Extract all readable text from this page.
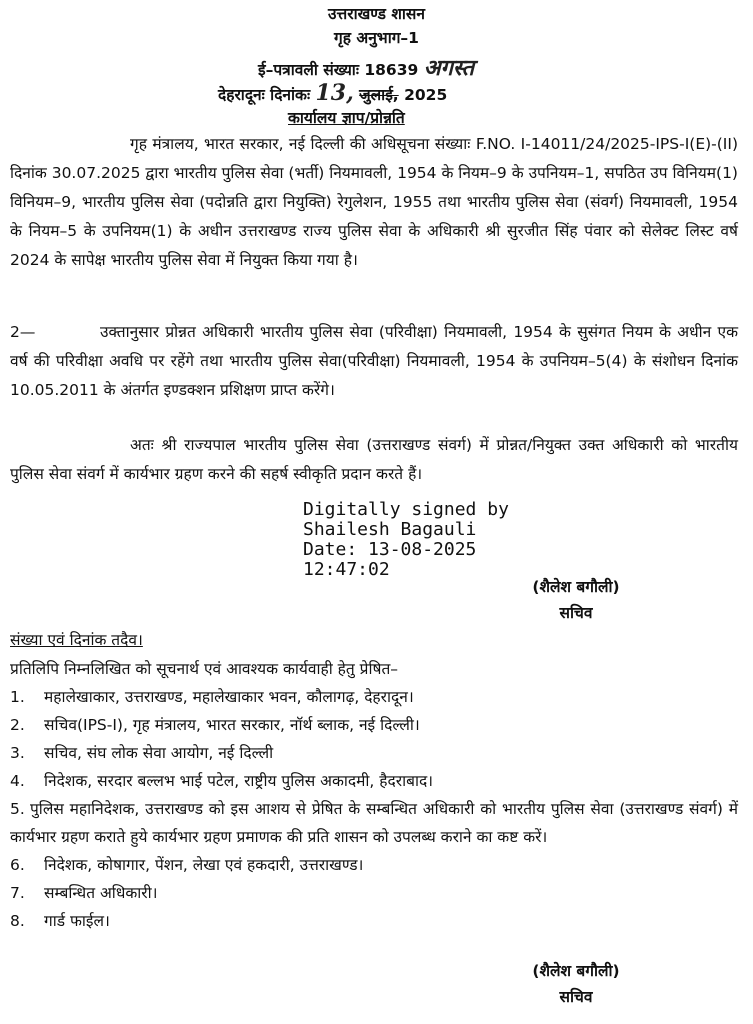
उत्तराखण्ड शासन
गृह अनुभाग–1
ई–पत्रावली संख्याः 18639 अगस्त
देहरादूनः दिनांकः 13, जुलाई, 2025
कार्यालय ज्ञाप/प्रोन्नति
गृह मंत्रालय, भारत सरकार, नई दिल्ली की अधिसूचना संख्याः F.NO. I-14011/24/2025-IPS-I(E)-(II) दिनांक 30.07.2025 द्वारा भारतीय पुलिस सेवा (भर्ती) नियमावली, 1954 के नियम–9 के उपनियम–1, सपठित उप विनियम(1) विनियम–9, भारतीय पुलिस सेवा (पदोन्नति द्वारा नियुक्ति) रेगुलेशन, 1955 तथा भारतीय पुलिस सेवा (संवर्ग) नियमावली, 1954 के नियम–5 के उपनियम(1) के अधीन उत्तराखण्ड राज्य पुलिस सेवा के अधिकारी श्री सुरजीत सिंह पंवार को सेलेक्ट लिस्ट वर्ष 2024 के सापेक्ष भारतीय पुलिस सेवा में नियुक्त किया गया है।
2—	उक्तानुसार प्रोन्नत अधिकारी भारतीय पुलिस सेवा (परिवीक्षा) नियमावली, 1954 के सुसंगत नियम के अधीन एक वर्ष की परिवीक्षा अवधि पर रहेंगे तथा भारतीय पुलिस सेवा(परिवीक्षा) नियमावली, 1954 के उपनियम–5(4) के संशोधन दिनांक 10.05.2011 के अंतर्गत इण्डक्शन प्रशिक्षण प्राप्त करेंगे।
अतः श्री राज्यपाल भारतीय पुलिस सेवा (उत्तराखण्ड संवर्ग) में प्रोन्नत/नियुक्त उक्त अधिकारी को भारतीय पुलिस सेवा संवर्ग में कार्यभार ग्रहण करने की सहर्ष स्वीकृति प्रदान करते हैं।
Digitally signed by
Shailesh Bagauli
Date: 13-08-2025
12:47:02
(शैलेश बगौली)
सचिव
संख्या एवं दिनांक तदैव।
प्रतिलिपि निम्नलिखित को सूचनार्थ एवं आवश्यक कार्यवाही हेतु प्रेषित–
1. महालेखाकार, उत्तराखण्ड, महालेखाकार भवन, कौलागढ़, देहरादून।
2. सचिव(IPS-I), गृह मंत्रालय, भारत सरकार, नॉर्थ ब्लाक, नई दिल्ली।
3. सचिव, संघ लोक सेवा आयोग, नई दिल्ली
4. निदेशक, सरदार बल्लभ भाई पटेल, राष्ट्रीय पुलिस अकादमी, हैदराबाद।
5. पुलिस महानिदेशक, उत्तराखण्ड को इस आशय से प्रेषित के सम्बन्धित अधिकारी को भारतीय पुलिस सेवा (उत्तराखण्ड संवर्ग) में कार्यभार ग्रहण कराते हुये कार्यभार ग्रहण प्रमाणक की प्रति शासन को उपलब्ध कराने का कष्ट करें।
6. निदेशक, कोषागार, पेंशन, लेखा एवं हकदारी, उत्तराखण्ड।
7. सम्बन्धित अधिकारी।
8. गार्ड फाईल।
(शैलेश बगौली)
सचिव
